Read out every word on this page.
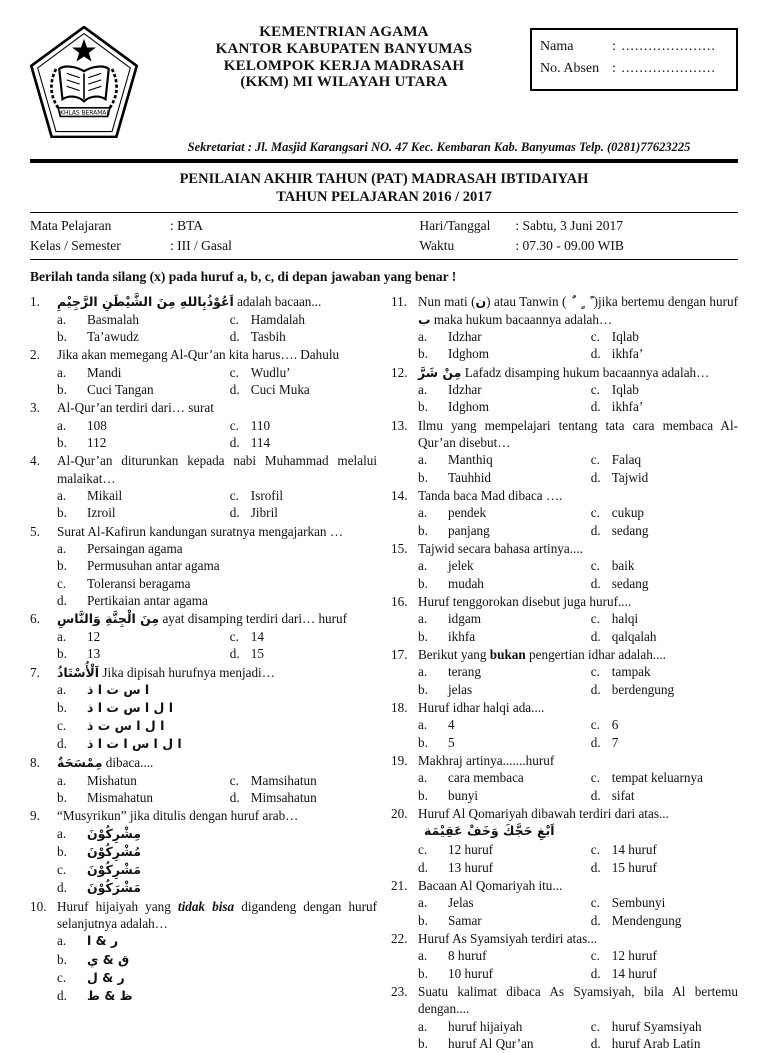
IKHLAS BERAMAL
KEMENTRIAN AGAMA
KANTOR KABUPATEN BANYUMAS
KELOMPOK KERJA MADRASAH
(KKM) MI WILAYAH UTARA
Nama	: .....................
No. Absen : .....................
Sekretariat : Jl. Masjid Karangsari NO. 47 Kec. Kembaran Kab. Banyumas Telp. (0281)77623225
PENILAIAN AKHIR TAHUN (PAT) MADRASAH IBTIDAIYAH
TAHUN PELAJARAN 2016 / 2017
Mata Pelajaran	: BTA
Kelas / Semester	: III / Gasal
Hari/Tanggal	: Sabtu, 3 Juni 2017
Waktu	: 07.30 - 09.00 WIB
Berilah tanda silang (x) pada huruf a, b, c, di depan jawaban yang benar !
1.	اَعُوْذُبِاللهِ مِنَ الشَّيْطَنِ الرَّجِيْمِ adalah bacaan...
a.	Basmalah	c. Hamdalah
b.	Ta’awudz	d. Tasbih
2.	Jika akan memegang Al-Qur’an kita harus…. Dahulu
a.	Mandi	c. Wudlu’
b.	Cuci Tangan	d. Cuci Muka
3.	Al-Qur’an terdiri dari… surat
a.	108	c. 110
b.	112	d. 114
4.	Al-Qur’an diturunkan kepada nabi Muhammad melalui malaikat…
a.	Mikail	c. Isrofil
b.	Izroil	d. Jibril
5.	Surat Al-Kafirun kandungan suratnya mengajarkan …
a.	Persaingan agama
b.	Permusuhan antar agama
c.	Toleransi beragama
d.	Pertikaian antar agama
6.	مِنَ الْجِنَّةِ وَالنَّاسِ ayat disamping terdiri dari… huruf
a.	12	c. 14
b.	13	d. 15
7.	اَلْأُسْتَاذُ Jika dipisah hurufnya menjadi…
a.	ا س ت ا ذ
b.	ا ل ا س ت ا ذ
c.	ا ل ا س ت ذ
d.	ا ل ا س ا ت ا ذ
8.	مِمْسَحَةٌ dibaca....
a.	Mishatun	c. Mamsihatun
b.	Mismahatun	d. Mimsahatun
9.	“Musyrikun” jika ditulis dengan huruf arab…
a.	مِشْرِكُوْنَ
b.	مُشْرِكُوْنَ
c.	مَشْرِكُوْنَ
d.	مَشْرَكُوْنَ
10. Huruf hijaiyah yang tidak bisa digandeng dengan huruf selanjutnya adalah…
a.	ر & ا
b.	ق & ي
c.	ر & ل
d.	ظ & ط
11. Nun mati (ن) atau Tanwin ( ً  ٍ  ٌ )jika bertemu dengan huruf ب maka hukum bacaannya adalah…
a.	Idzhar	c. Iqlab
b.	Idghom	d. ikhfa’
12. مِنْ شَرَّ Lafadz disamping hukum bacaannya adalah…
a.	Idzhar	c. Iqlab
b.	Idghom	d. ikhfa’
13. Ilmu yang mempelajari tentang tata cara membaca Al-Qur’an disebut…
a.	Manthiq	c. Falaq
b.	Tauhhid	d. Tajwid
14. Tanda baca Mad dibaca ….
a.	pendek	c. cukup
b.	panjang	d. sedang
15. Tajwid secara bahasa artinya....
a.	jelek	c. baik
b.	mudah	d. sedang
16. Huruf tenggorokan disebut juga huruf....
a.	idgam	c. halqi
b.	ikhfa	d. qalqalah
17. Berikut yang bukan pengertian idhar adalah....
a.	terang	c. tampak
b.	jelas	d. berdengung
18. Huruf idhar halqi ada....
a.	4	c. 6
b.	5	d. 7
19. Makhraj artinya.......huruf
a.	cara membaca	c. tempat keluarnya
b.	bunyi	d. sifat
20. Huruf Al Qomariyah dibawah terdiri dari atas...
اَبْغِ حَجَّكَ وَخَفْ عَقِيْمَة
c.	12 huruf	c. 14 huruf
d.	13 huruf	d. 15 huruf
21. Bacaan Al Qomariyah itu...
a.	Jelas	c. Sembunyi
b.	Samar	d. Mendengung
22. Huruf As Syamsiyah terdiri atas...
a.	8 huruf	c. 12 huruf
b.	10 huruf	d. 14 huruf
23. Suatu kalimat dibaca As Syamsiyah, bila Al bertemu dengan....
a.	huruf hijaiyah	c. huruf Syamsiyah
b.	huruf Al Qur’an	d. huruf Arab Latin
